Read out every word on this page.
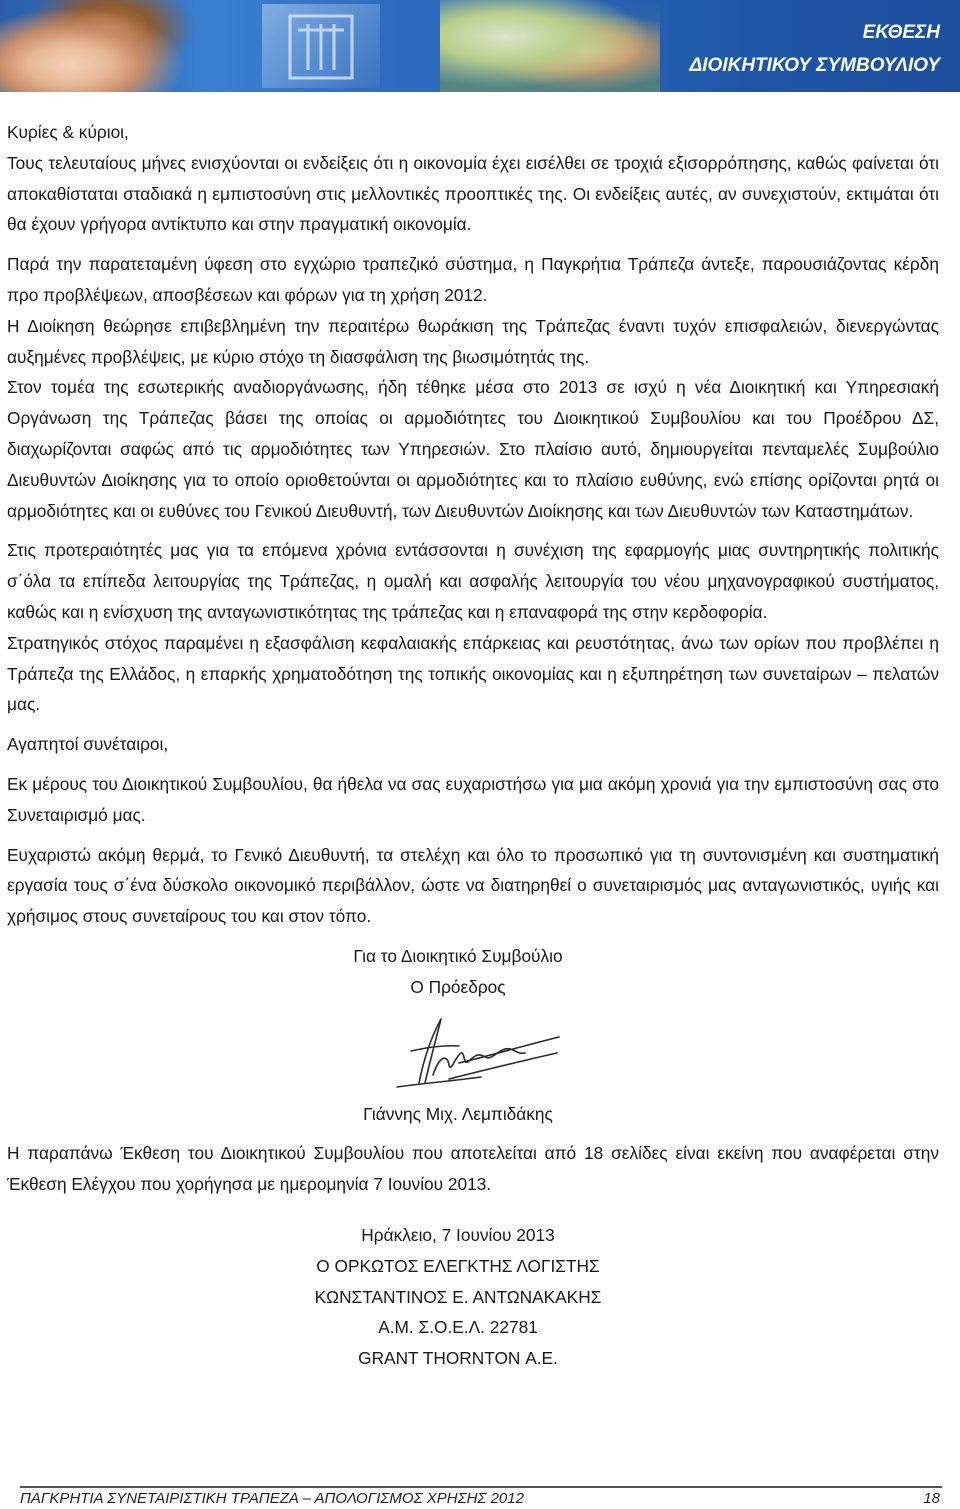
ΕΚΘΕΣΗ
ΔΙΟΙΚΗΤΙΚΟΥ ΣΥΜΒΟΥΛΙΟΥ

Κυρίες & κύριοι,

Τους τελευταίους μήνες ενισχύονται οι ενδείξεις ότι η οικονομία έχει εισέλθει σε τροχιά εξισορρόπησης, καθώς φαίνεται ότι αποκαθίσταται σταδιακά η εμπιστοσύνη στις μελλοντικές προοπτικές της. Οι ενδείξεις αυτές, αν συνεχιστούν, εκτιμάται ότι θα έχουν γρήγορα αντίκτυπο και στην πραγματική οικονομία.

Παρά την παρατεταμένη ύφεση στο εγχώριο τραπεζικό σύστημα, η Παγκρήτια Τράπεζα άντεξε, παρουσιάζοντας κέρδη προ προβλέψεων, αποσβέσεων και φόρων για τη χρήση 2012.

Η Διοίκηση θεώρησε επιβεβλημένη την περαιτέρω θωράκιση της Τράπεζας έναντι τυχόν επισφαλειών, διενεργώντας αυξημένες προβλέψεις, με κύριο στόχο τη διασφάλιση της βιωσιμότητάς της.

Στον τομέα της εσωτερικής αναδιοργάνωσης, ήδη τέθηκε μέσα στο 2013 σε ισχύ η νέα Διοικητική και Υπηρεσιακή Οργάνωση της Τράπεζας βάσει της οποίας οι αρμοδιότητες του Διοικητικού Συμβουλίου και του Προέδρου ΔΣ, διαχωρίζονται σαφώς από τις αρμοδιότητες των Υπηρεσιών. Στο πλαίσιο αυτό, δημιουργείται πενταμελές Συμβούλιο Διευθυντών Διοίκησης για το οποίο οριοθετούνται οι αρμοδιότητες και το πλαίσιο ευθύνης, ενώ επίσης ορίζονται ρητά οι αρμοδιότητες και οι ευθύνες του Γενικού Διευθυντή, των Διευθυντών Διοίκησης και των Διευθυντών των Καταστημάτων.

Στις προτεραιότητές μας για τα επόμενα χρόνια εντάσσονται η συνέχιση της εφαρμογής μιας συντηρητικής πολιτικής σ΄όλα τα επίπεδα λειτουργίας της Τράπεζας, η ομαλή και ασφαλής λειτουργία του νέου μηχανογραφικού συστήματος, καθώς και η ενίσχυση της ανταγωνιστικότητας της τράπεζας και η επαναφορά της στην κερδοφορία.

Στρατηγικός στόχος παραμένει η εξασφάλιση κεφαλαιακής επάρκειας και ρευστότητας, άνω των ορίων που προβλέπει η Τράπεζα της Ελλάδος, η επαρκής χρηματοδότηση της τοπικής οικονομίας και η εξυπηρέτηση των συνεταίρων – πελατών μας.

Αγαπητοί συνέταιροι,

Εκ μέρους του Διοικητικού Συμβουλίου, θα ήθελα να σας ευχαριστήσω για μια ακόμη χρονιά για την εμπιστοσύνη σας στο Συνεταιρισμό μας.

Ευχαριστώ ακόμη θερμά, το Γενικό Διευθυντή, τα στελέχη και όλο το προσωπικό για τη συντονισμένη και συστηματική εργασία τους σ΄ένα δύσκολο οικονομικό περιβάλλον, ώστε να διατηρηθεί ο συνεταιρισμός μας ανταγωνιστικός, υγιής και χρήσιμος στους συνεταίρους του και στον τόπο.

Για το Διοικητικό Συμβούλιο

Ο Πρόεδρος

Γιάννης Μιχ. Λεμπιδάκης

Η παραπάνω Έκθεση του Διοικητικού Συμβουλίου που αποτελείται από 18 σελίδες είναι εκείνη που αναφέρεται στην Έκθεση Ελέγχου που χορήγησα με ημερομηνία 7 Ιουνίου 2013.

Ηράκλειο, 7 Ιουνίου 2013

Ο ΟΡΚΩΤΟΣ ΕΛΕΓΚΤΗΣ ΛΟΓΙΣΤΗΣ

ΚΩΝΣΤΑΝΤΙΝΟΣ Ε. ΑΝΤΩΝΑΚΑΚΗΣ

Α.Μ. Σ.Ο.Ε.Λ. 22781

GRANT THORNTON Α.Ε.

ΠΑΓΚΡΗΤΙΑ ΣΥΝΕΤΑΙΡΙΣΤΙΚΗ ΤΡΑΠΕΖΑ – ΑΠΟΛΟΓΙΣΜΟΣ ΧΡΗΣΗΣ 2012	18
